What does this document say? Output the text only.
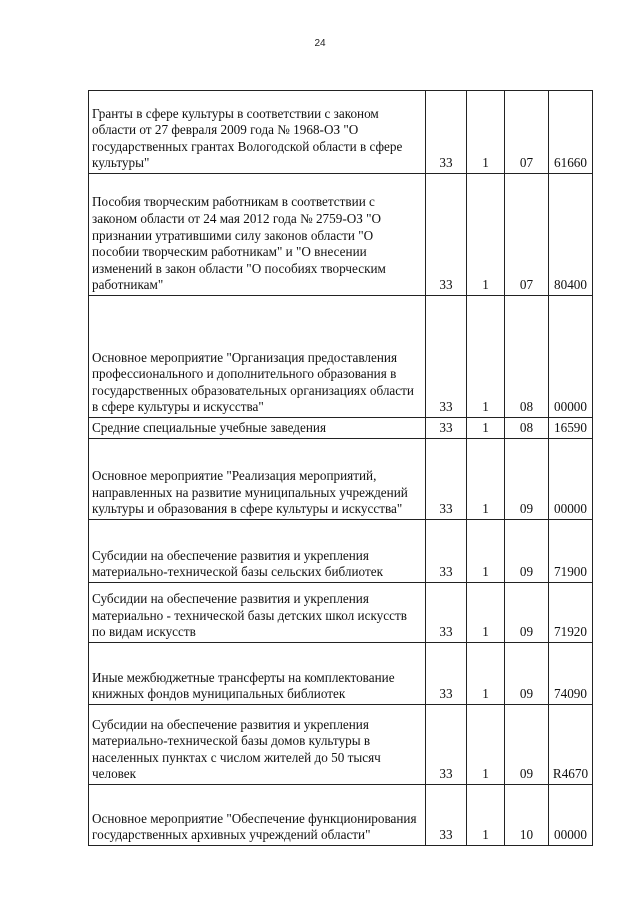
24
Гранты в сфере культуры в соответствии с законом области от 27 февраля 2009 года № 1968-ОЗ "О государственных грантах Вологодской области в сфере культуры"	33	1	07	61660
Пособия творческим работникам в соответствии с законом области от 24 мая 2012 года № 2759-ОЗ "О признании утратившими силу законов области "О пособии творческим работникам" и "О внесении изменений в закон области "О пособиях творческим работникам"	33	1	07	80400
Основное мероприятие "Организация предоставления профессионального и дополнительного образования в государственных образовательных организациях области в сфере культуры и искусства"	33	1	08	00000
Средние специальные учебные заведения	33	1	08	16590
Основное мероприятие "Реализация мероприятий, направленных на развитие муниципальных учреждений культуры и образования в сфере культуры и искусства"	33	1	09	00000
Субсидии на обеспечение развития и укрепления материально-технической базы сельских библиотек	33	1	09	71900
Субсидии на обеспечение развития и укрепления материально - технической базы детских школ искусств по видам искусств	33	1	09	71920
Иные межбюджетные трансферты на комплектование книжных фондов муниципальных библиотек	33	1	09	74090
Субсидии на обеспечение развития и укрепления материально-технической базы домов культуры в населенных пунктах с числом жителей до 50 тысяч человек	33	1	09	R4670
Основное мероприятие "Обеспечение функционирования государственных архивных учреждений области"	33	1	10	00000
